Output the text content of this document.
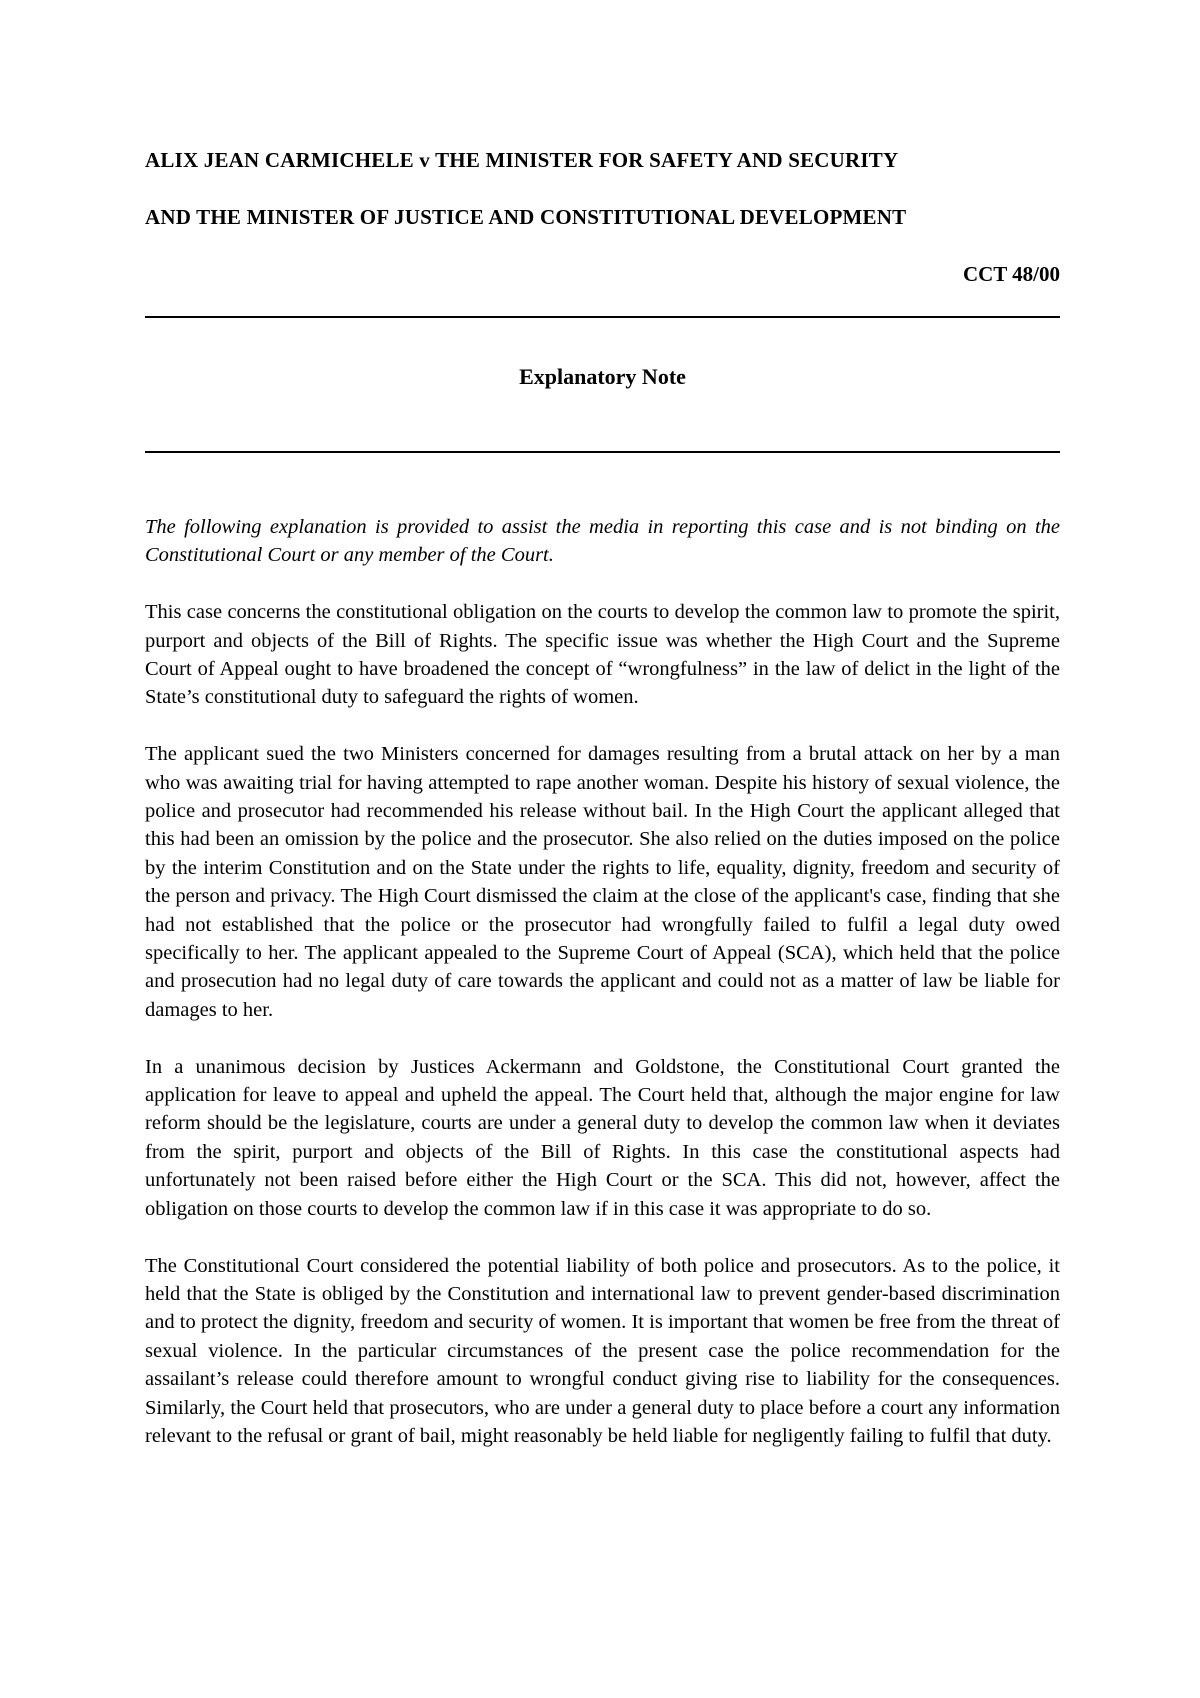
ALIX JEAN CARMICHELE v THE MINISTER FOR SAFETY AND SECURITY
AND THE MINISTER OF JUSTICE AND CONSTITUTIONAL DEVELOPMENT
CCT 48/00
Explanatory Note

The following explanation is provided to assist the media in reporting this case and is not binding on the Constitutional Court or any member of the Court.

This case concerns the constitutional obligation on the courts to develop the common law to promote the spirit, purport and objects of the Bill of Rights. The specific issue was whether the High Court and the Supreme Court of Appeal ought to have broadened the concept of “wrongfulness” in the law of delict in the light of the State’s constitutional duty to safeguard the rights of women.

The applicant sued the two Ministers concerned for damages resulting from a brutal attack on her by a man who was awaiting trial for having attempted to rape another woman. Despite his history of sexual violence, the police and prosecutor had recommended his release without bail. In the High Court the applicant alleged that this had been an omission by the police and the prosecutor. She also relied on the duties imposed on the police by the interim Constitution and on the State under the rights to life, equality, dignity, freedom and security of the person and privacy. The High Court dismissed the claim at the close of the applicant's case, finding that she had not established that the police or the prosecutor had wrongfully failed to fulfil a legal duty owed specifically to her. The applicant appealed to the Supreme Court of Appeal (SCA), which held that the police and prosecution had no legal duty of care towards the applicant and could not as a matter of law be liable for damages to her.

In a unanimous decision by Justices Ackermann and Goldstone, the Constitutional Court granted the application for leave to appeal and upheld the appeal. The Court held that, although the major engine for law reform should be the legislature, courts are under a general duty to develop the common law when it deviates from the spirit, purport and objects of the Bill of Rights. In this case the constitutional aspects had unfortunately not been raised before either the High Court or the SCA. This did not, however, affect the obligation on those courts to develop the common law if in this case it was appropriate to do so.

The Constitutional Court considered the potential liability of both police and prosecutors. As to the police, it held that the State is obliged by the Constitution and international law to prevent gender-based discrimination and to protect the dignity, freedom and security of women. It is important that women be free from the threat of sexual violence. In the particular circumstances of the present case the police recommendation for the assailant’s release could therefore amount to wrongful conduct giving rise to liability for the consequences. Similarly, the Court held that prosecutors, who are under a general duty to place before a court any information relevant to the refusal or grant of bail, might reasonably be held liable for negligently failing to fulfil that duty.
